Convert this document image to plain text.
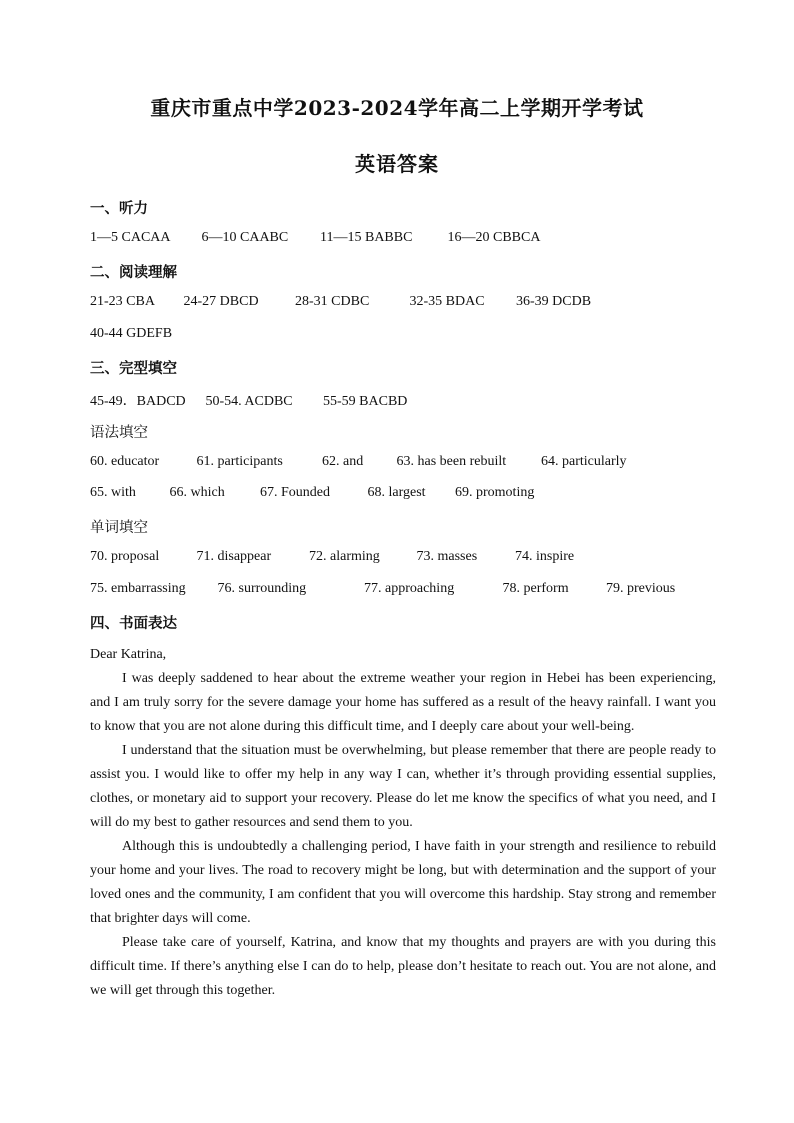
重庆市重点中学2023-2024学年高二上学期开学考试
英语答案
一、听力
1—5 CACAA 6—10 CAABC 11—15 BABBC	16—20 CBBCA
二、阅读理解
21-23 CBA 24-27 DBCD	28-31 CDBC	32-35 BDAC 36-39 DCDB
40-44 GDEFB
三、完型填空
45-49．BADCD 50-54. ACDBC 55-59 BACBD
语法填空
60. educator	61. participants	62. and 63. has been rebuilt 64. particularly
65. with 66. which	67. Founded	68. largest 69. promoting
单词填空
70. proposal	71. disappear	72. alarming	73. masses	74. inspire
75. embarrassing 76. surrounding	77. approaching	78. perform	79. previous
四、书面表达

Dear Katrina,

I was deeply saddened to hear about the extreme weather your region in Hebei has been experiencing, and I am truly sorry for the severe damage your home has suffered as a result of the heavy rainfall. I want you to know that you are not alone during this difficult time, and I deeply care about your well-being.

I understand that the situation must be overwhelming, but please remember that there are people ready to assist you. I would like to offer my help in any way I can, whether it’s through providing essential supplies, clothes, or monetary aid to support your recovery. Please do let me know the specifics of what you need, and I will do my best to gather resources and send them to you.

Although this is undoubtedly a challenging period, I have faith in your strength and resilience to rebuild your home and your lives. The road to recovery might be long, but with determination and the support of your loved ones and the community, I am confident that you will overcome this hardship. Stay strong and remember that brighter days will come.

Please take care of yourself, Katrina, and know that my thoughts and prayers are with you during this difficult time. If there’s anything else I can do to help, please don’t hesitate to reach out. You are not alone, and we will get through this together.
